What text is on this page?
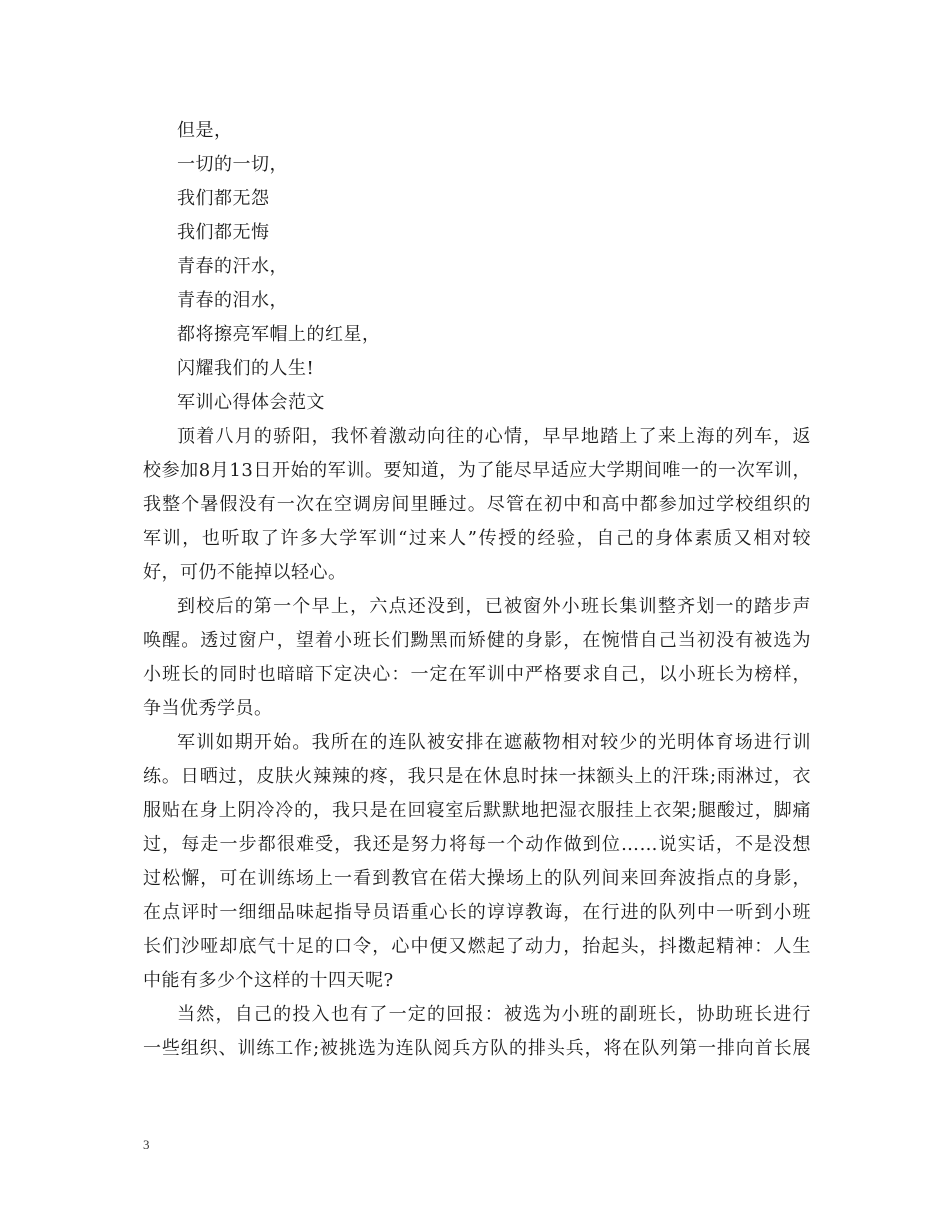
但是，
一切的一切，
我们都无怨
我们都无悔
青春的汗水，
青春的泪水，
都将擦亮军帽上的红星，
闪耀我们的人生!
军训心得体会范文
顶着八月的骄阳，我怀着激动向往的心情，早早地踏上了来上海的列车，返
校参加8月13日开始的军训。要知道，为了能尽早适应大学期间唯一的一次军训，
我整个暑假没有一次在空调房间里睡过。尽管在初中和高中都参加过学校组织的
军训，也听取了许多大学军训“过来人”传授的经验，自己的身体素质又相对较
好，可仍不能掉以轻心。
到校后的第一个早上，六点还没到，已被窗外小班长集训整齐划一的踏步声
唤醒。透过窗户，望着小班长们黝黑而矫健的身影，在惋惜自己当初没有被选为
小班长的同时也暗暗下定决心：一定在军训中严格要求自己，以小班长为榜样，
争当优秀学员。
军训如期开始。我所在的连队被安排在遮蔽物相对较少的光明体育场进行训
练。日晒过，皮肤火辣辣的疼，我只是在休息时抹一抹额头上的汗珠;雨淋过，衣
服贴在身上阴冷冷的，我只是在回寝室后默默地把湿衣服挂上衣架;腿酸过，脚痛
过，每走一步都很难受，我还是努力将每一个动作做到位……说实话，不是没想
过松懈，可在训练场上一看到教官在偌大操场上的队列间来回奔波指点的身影，
在点评时一细细品味起指导员语重心长的谆谆教诲，在行进的队列中一听到小班
长们沙哑却底气十足的口令，心中便又燃起了动力，抬起头，抖擞起精神：人生
中能有多少个这样的十四天呢?
当然，自己的投入也有了一定的回报：被选为小班的副班长，协助班长进行
一些组织、训练工作;被挑选为连队阅兵方队的排头兵，将在队列第一排向首长展
3
